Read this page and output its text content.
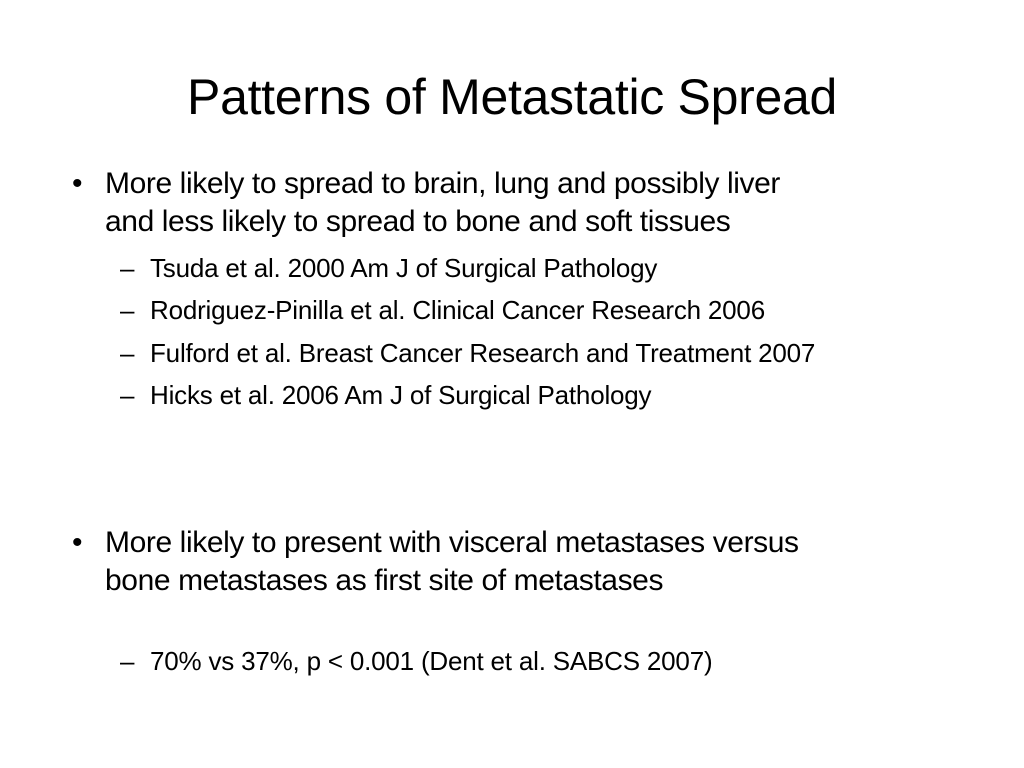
Patterns of Metastatic Spread
• More likely to spread to brain, lung and possibly liver
and less likely to spread to bone and soft tissues
– Tsuda et al. 2000 Am J of Surgical Pathology
– Rodriguez-Pinilla et al. Clinical Cancer Research 2006
– Fulford et al. Breast Cancer Research and Treatment 2007
– Hicks et al. 2006 Am J of Surgical Pathology
• More likely to present with visceral metastases versus
bone metastases as first site of metastases
– 70% vs 37%, p < 0.001 (Dent et al. SABCS 2007)
